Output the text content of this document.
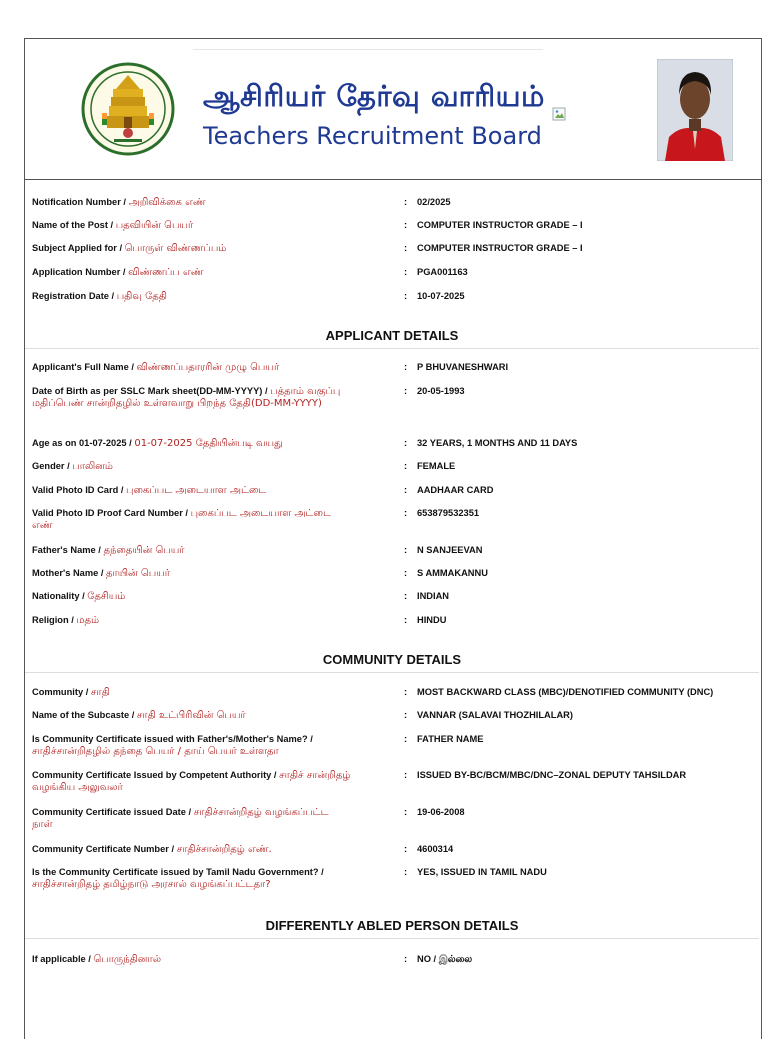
ஆசிரியர் தேர்வு வாரியம்
Teachers Recruitment Board
Notification Number / அறிவிக்கை எண்	: 02/2025
Name of the Post / பதவியின் பெயர்	: COMPUTER INSTRUCTOR GRADE – I
Subject Applied for / பொருள் விண்ணப்பம்	: COMPUTER INSTRUCTOR GRADE – I
Application Number / விண்ணப்ப எண்	: PGA001163
Registration Date / பதிவு தேதி	: 10-07-2025
APPLICANT DETAILS
Applicant's Full Name / விண்ணப்பதாரரின் முழு பெயர்	: P BHUVANESHWARI
Date of Birth as per SSLC Mark sheet(DD-MM-YYYY) / பத்தாம் வகுப்பு மதிப்பெண் சான்றிதழில் உள்ளவாறு பிறந்த தேதி(DD-MM-YYYY)
: 20-05-1993
Age as on 01-07-2025 / 01-07-2025 தேதியின்படி வயது	: 32 YEARS, 1 MONTHS AND 11 DAYS
Gender / பாலினம்	: FEMALE
Valid Photo ID Card / புகைப்பட அடையாள அட்டை	: AADHAAR CARD
Valid Photo ID Proof Card Number / புகைப்பட அடையாள அட்டை எண்
: 653879532351
Father's Name / தந்தையின் பெயர்	: N SANJEEVAN
Mother's Name / தாயின் பெயர்	: S AMMAKANNU
Nationality / தேசியம்	: INDIAN
Religion / மதம்	: HINDU
COMMUNITY DETAILS
Community / சாதி	: MOST BACKWARD CLASS (MBC)/DENOTIFIED COMMUNITY (DNC)
Name of the Subcaste / சாதி உட்பிரிவின் பெயர்	: VANNAR (SALAVAI THOZHILALAR)
Is Community Certificate issued with Father's/Mother's Name? / சாதிச்சான்றிதழில் தந்தை பெயர் / தாய் பெயர் உள்ளதா
: FATHER NAME
Community Certificate Issued by Competent Authority / சாதிச் சான்றிதழ் வழங்கிய அலுவலர்
: ISSUED BY-BC/BCM/MBC/DNC–ZONAL DEPUTY TAHSILDAR
Community Certificate issued Date / சாதிச்சான்றிதழ் வழங்கப்பட்ட நாள்
: 19-06-2008
Community Certificate Number / சாதிச்சான்றிதழ் எண்.	: 4600314
Is the Community Certificate issued by Tamil Nadu Government? / சாதிச்சான்றிதழ் தமிழ்நாடு அரசால் வழங்கப்பட்டதா?
: YES, ISSUED IN TAMIL NADU
DIFFERENTLY ABLED PERSON DETAILS
If applicable / பொருந்தினால்	: NO / இல்லை
